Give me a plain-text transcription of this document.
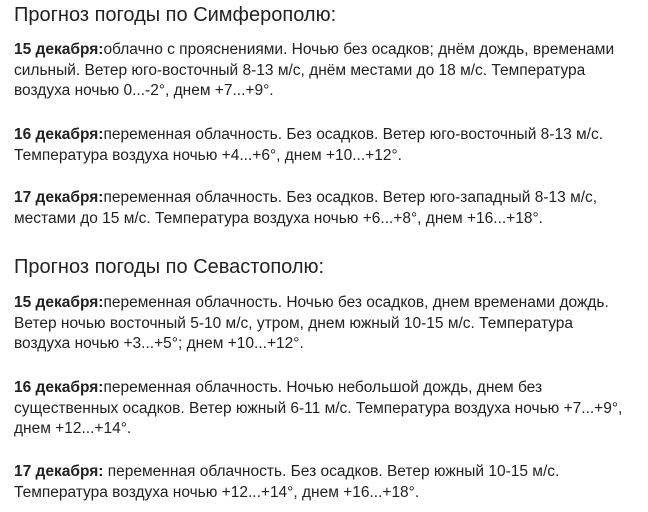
Прогноз погоды по Симферополю:

15 декабря:облачно с прояснениями. Ночью без осадков; днём дождь, временами сильный. Ветер юго-восточный 8-13 м/с, днём местами до 18 м/с. Температура воздуха ночью 0...-2°, днем +7...+9°.

16 декабря:переменная облачность. Без осадков. Ветер юго-восточный 8-13 м/с. Температура воздуха ночью +4...+6°, днем +10...+12°.

17 декабря:переменная облачность. Без осадков. Ветер юго-западный 8-13 м/с, местами до 15 м/с. Температура воздуха ночью +6...+8°, днем +16...+18°.

Прогноз погоды по Севастополю:

15 декабря:переменная облачность. Ночью без осадков, днем временами дождь. Ветер ночью восточный 5-10 м/с, утром, днем южный 10-15 м/с. Температура воздуха ночью +3...+5°; днем +10...+12°.

16 декабря:переменная облачность. Ночью небольшой дождь, днем без существенных осадков. Ветер южный 6-11 м/с. Температура воздуха ночью +7...+9°, днем +12...+14°.

17 декабря: переменная облачность. Без осадков. Ветер южный 10-15 м/с. Температура воздуха ночью +12...+14°, днем +16...+18°.
